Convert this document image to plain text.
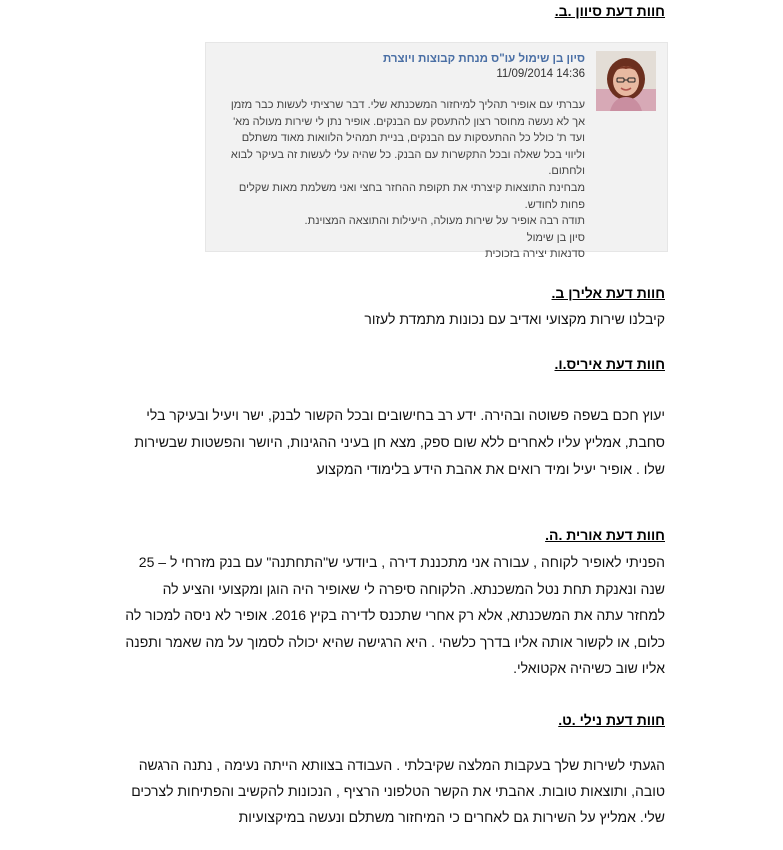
חוות דעת סיוון .ב.
סיון בן שימול עו"ס מנחת קבוצות ויוצרת
11/09/2014 14:36
עברתי עם אופיר תהליך למיחזור המשכנתא שלי. דבר שרציתי לעשות כבר מזמן
אך לא נעשה מחוסר רצון להתעסק עם הבנקים. אופיר נתן לי שירות מעולה מא'
ועד ת' כולל כל ההתעסקות עם הבנקים, בניית תמהיל הלוואות מאוד משתלם
וליווי בכל שאלה ובכל התקשרות עם הבנק. כל שהיה עלי לעשות זה בעיקר לבוא
ולחתום.
מבחינת התוצאות קיצרתי את תקופת ההחזר בחצי ואני משלמת מאות שקלים
פחות לחודש.
תודה רבה אופיר על שירות מעולה, היעילות והתוצאה המצוינת.
סיון בן שימול
סדנאות יצירה בזכוכית
חוות דעת אלירן ב.
קיבלנו שירות מקצועי ואדיב עם נכונות מתמדת לעזור
חוות דעת איריס.ו.
יעוץ חכם בשפה פשוטה ובהירה. ידע רב בחישובים ובכל הקשור לבנק, ישר ויעיל ובעיקר בלי
סחבת, אמליץ עליו לאחרים ללא שום ספק, מצא חן בעיני ההגינות, היושר והפשטות שבשירות
שלו . אופיר יעיל ומיד רואים את אהבת הידע בלימודי המקצוע
חוות דעת אורית .ה.
הפניתי לאופיר לקוחה , עבורה אני מתכננת דירה , ביודעי ש"התחתנה" עם בנק מזרחי ל – 25
שנה ונאנקת תחת נטל המשכנתא. הלקוחה סיפרה לי שאופיר היה הוגן ומקצועי והציע לה
למחזר עתה את המשכנתא, אלא רק אחרי שתכנס לדירה בקיץ 2016. אופיר לא ניסה למכור לה
כלום, או לקשור אותה אליו בדרך כלשהי . היא הרגישה שהיא יכולה לסמוך על מה שאמר ותפנה
אליו שוב כשיהיה אקטואלי.
חוות דעת נילי .ט.
הגעתי לשירות שלך בעקבות המלצה שקיבלתי . העבודה בצוותא הייתה נעימה , נתנה הרגשה
טובה, ותוצאות טובות. אהבתי את הקשר הטלפוני הרציף , הנכונות להקשיב והפתיחות לצרכים
שלי. אמליץ על השירות גם לאחרים כי המיחזור משתלם ונעשה במיקצועיות
